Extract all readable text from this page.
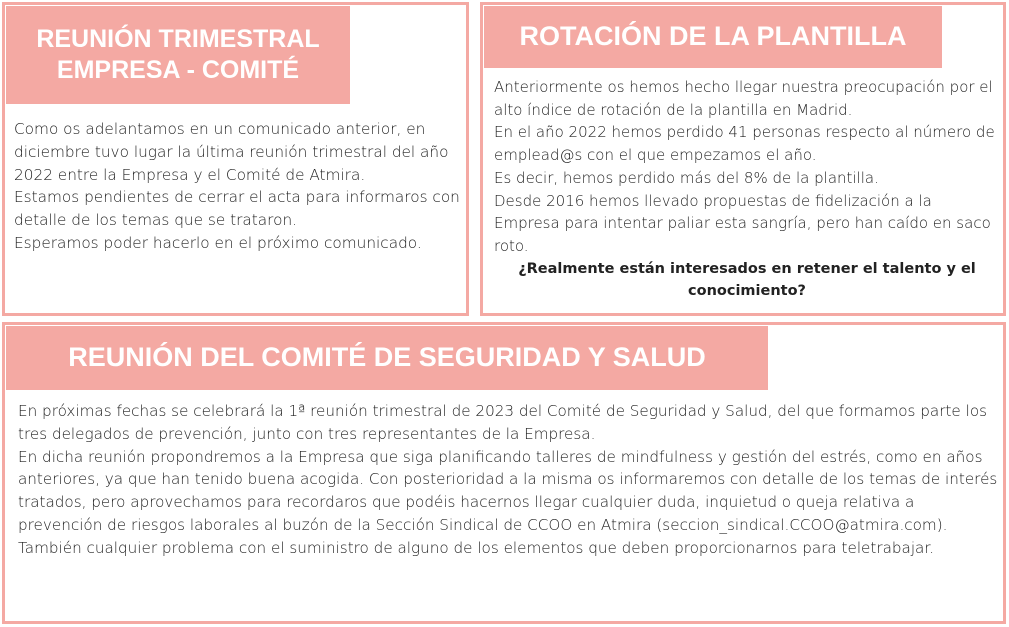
REUNIÓN TRIMESTRAL EMPRESA - COMITÉ

Como os adelantamos en un comunicado anterior, en diciembre tuvo lugar la última reunión trimestral del año 2022 entre la Empresa y el Comité de Atmira.

Estamos pendientes de cerrar el acta para informaros con detalle de los temas que se trataron.

Esperamos poder hacerlo en el próximo comunicado.

ROTACIÓN DE LA PLANTILLA

Anteriormente os hemos hecho llegar nuestra preocupación por el alto índice de rotación de la plantilla en Madrid.

En el año 2022 hemos perdido 41 personas respecto al número de emplead@s con el que empezamos el año.

Es decir, hemos perdido más del 8% de la plantilla.

Desde 2016 hemos llevado propuestas de fidelización a la Empresa para intentar paliar esta sangría, pero han caído en saco roto.

¿Realmente están interesados en retener el talento y el conocimiento?
REUNIÓN DEL COMITÉ DE SEGURIDAD Y SALUD

En próximas fechas se celebrará la 1ª reunión trimestral de 2023 del Comité de Seguridad y Salud, del que formamos parte los tres delegados de prevención, junto con tres representantes de la Empresa.

En dicha reunión propondremos a la Empresa que siga planificando talleres de mindfulness y gestión del estrés, como en años anteriores, ya que han tenido buena acogida. Con posterioridad a la misma os informaremos con detalle de los temas de interés tratados, pero aprovechamos para recordaros que podéis hacernos llegar cualquier duda, inquietud o queja relativa a prevención de riesgos laborales al buzón de la Sección Sindical de CCOO en Atmira (seccion_sindical.CCOO@atmira.com).

También cualquier problema con el suministro de alguno de los elementos que deben proporcionarnos para teletrabajar.
